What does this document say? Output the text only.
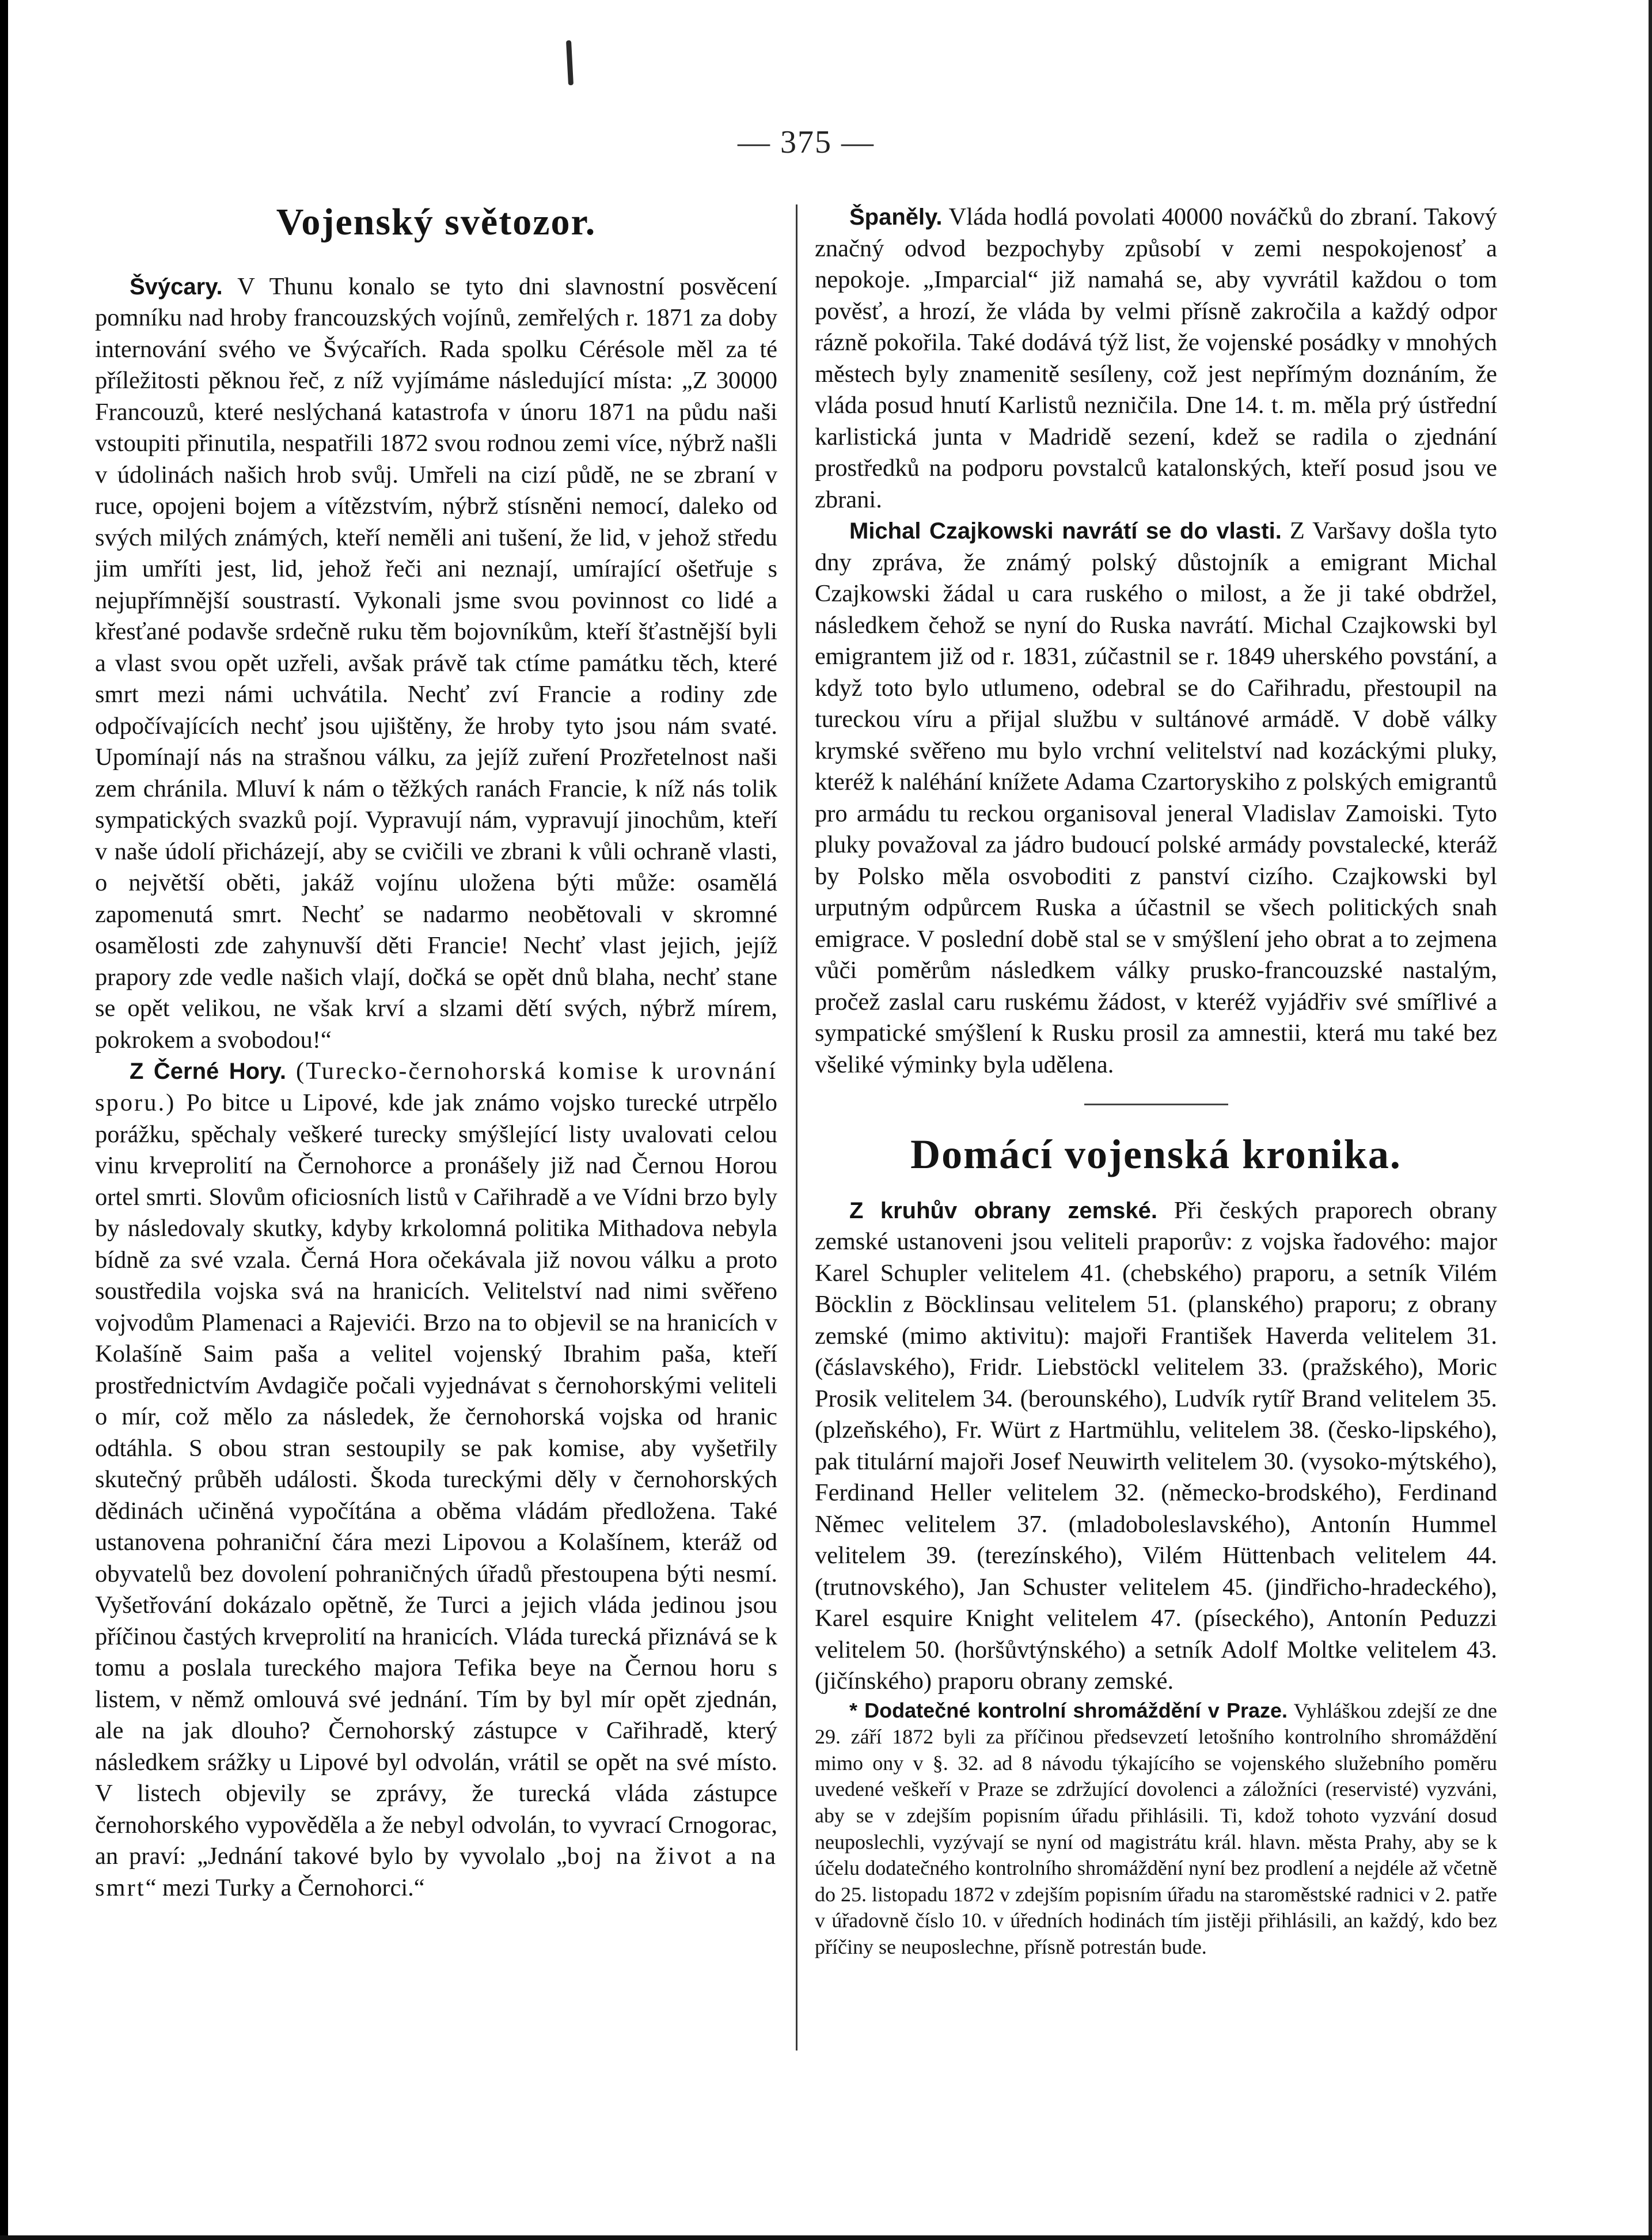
— 375 —
Vojenský světozor.

Švýcary. V Thunu konalo se tyto dni slavnostní posvěcení pomníku nad hroby francouzských vojínů, zemřelých r. 1871 za doby internování svého ve Švýcařích. Rada spolku Cérésole měl za té příležitosti pěknou řeč, z níž vyjímáme následující místa: „Z 30000 Francouzů, které neslýchaná katastrofa v únoru 1871 na půdu naši vstoupiti přinutila, nespatřili 1872 svou rodnou zemi více, nýbrž našli v údolinách našich hrob svůj. Umřeli na cizí půdě, ne se zbraní v ruce, opojeni bojem a vítězstvím, nýbrž stísněni nemocí, daleko od svých milých známých, kteří neměli ani tušení, že lid, v jehož středu jim umříti jest, lid, jehož řeči ani neznají, umírající ošetřuje s nejupřímnější soustrastí. Vykonali jsme svou povinnost co lidé a křesťané podavše srdečně ruku těm bojovníkům, kteří šťastnější byli a vlast svou opět uzřeli, avšak právě tak ctíme památku těch, které smrt mezi námi uchvátila. Nechť zví Francie a rodiny zde odpočívajících nechť jsou ujištěny, že hroby tyto jsou nám svaté. Upomínají nás na strašnou válku, za jejíž zuření Prozřetelnost naši zem chránila. Mluví k nám o těžkých ranách Francie, k níž nás tolik sympatických svazků pojí. Vypravují nám, vypravují jinochům, kteří v naše údolí přicházejí, aby se cvičili ve zbrani k vůli ochraně vlasti, o největší oběti, jakáž vojínu uložena býti může: osamělá zapomenutá smrt. Nechť se nadarmo neobětovali v skromné osamělosti zde zahynuvší děti Francie! Nechť vlast jejich, jejíž prapory zde vedle našich vlají, dočká se opět dnů blaha, nechť stane se opět velikou, ne však krví a slzami dětí svých, nýbrž mírem, pokrokem a svobodou!“

Z Černé Hory. (Turecko-černohorská komise k urovnání sporu.) Po bitce u Lipové, kde jak známo vojsko turecké utrpělo porážku, spěchaly veškeré turecky smýšlející listy uvalovati celou vinu krveprolití na Černohorce a pronášely již nad Černou Horou ortel smrti. Slovům oficiosních listů v Cařihradě a ve Vídni brzo byly by následovaly skutky, kdyby krkolomná politika Mithadova nebyla bídně za své vzala. Černá Hora očekávala již novou válku a proto soustředila vojska svá na hranicích. Velitelství nad nimi svěřeno vojvodům Plamenaci a Rajevići. Brzo na to objevil se na hranicích v Kolašíně Saim paša a velitel vojenský Ibrahim paša, kteří prostřednictvím Avdagiče počali vyjednávat s černohorskými veliteli o mír, což mělo za následek, že černohorská vojska od hranic odtáhla. S obou stran sestoupily se pak komise, aby vyšetřily skutečný průběh události. Škoda tureckými děly v černohorských dědinách učiněná vypočítána a oběma vládám předložena. Také ustanovena pohraniční čára mezi Lipovou a Kolašínem, kteráž od obyvatelů bez dovolení pohraničných úřadů přestoupena býti nesmí. Vyšetřování dokázalo opětně, že Turci a jejich vláda jedinou jsou příčinou častých krveprolití na hranicích. Vláda turecká přiznává se k tomu a poslala tureckého majora Tefika beye na Černou horu s listem, v němž omlouvá své jednání. Tím by byl mír opět zjednán, ale na jak dlouho? Černohorský zástupce v Cařihradě, který následkem srážky u Lipové byl odvolán, vrátil se opět na své místo. V listech objevily se zprávy, že turecká vláda zástupce černohorského vypověděla a že nebyl odvolán, to vyvrací Crnogorac, an praví: „Jednání takové bylo by vyvolalo „boj na život a na smrt“ mezi Turky a Černohorci.“

Španěly. Vláda hodlá povolati 40000 nováčků do zbraní. Takový značný odvod bezpochyby způsobí v zemi nespokojenosť a nepokoje. „Imparcial“ již namahá se, aby vyvrátil každou o tom pověsť, a hrozí, že vláda by velmi přísně zakročila a každý odpor rázně pokořila. Také dodává týž list, že vojenské posádky v mnohých městech byly znamenitě sesíleny, což jest nepřímým doznáním, že vláda posud hnutí Karlistů nezničila. Dne 14. t. m. měla prý ústřední karlistická junta v Madridě sezení, kdež se radila o zjednání prostředků na podporu povstalců katalonských, kteří posud jsou ve zbrani.

Michal Czajkowski navrátí se do vlasti. Z Varšavy došla tyto dny zpráva, že známý polský důstojník a emigrant Michal Czajkowski žádal u cara ruského o milost, a že ji také obdržel, následkem čehož se nyní do Ruska navrátí. Michal Czajkowski byl emigrantem již od r. 1831, zúčastnil se r. 1849 uherského povstání, a když toto bylo utlumeno, odebral se do Cařihradu, přestoupil na tureckou víru a přijal službu v sultánové armádě. V době války krymské svěřeno mu bylo vrchní velitelství nad kozáckými pluky, kteréž k naléhání knížete Adama Czartoryskiho z polských emigrantů pro armádu tu reckou organisoval jeneral Vladislav Zamoiski. Tyto pluky považoval za jádro budoucí polské armády povstalecké, kteráž by Polsko měla osvoboditi z panství cizího. Czajkowski byl urputným odpůrcem Ruska a účastnil se všech politických snah emigrace. V poslední době stal se v smýšlení jeho obrat a to zejmena vůči poměrům následkem války prusko-francouzské nastalým, pročež zaslal caru ruskému žádost, v kteréž vyjádřiv své smířlivé a sympatické smýšlení k Rusku prosil za amnestii, která mu také bez všeliké výminky byla udělena.

Domácí vojenská kronika.

Z kruhův obrany zemské. Při českých praporech obrany zemské ustanoveni jsou veliteli praporův: z vojska řadového: major Karel Schupler velitelem 41. (chebského) praporu, a setník Vilém Böcklin z Böcklinsau velitelem 51. (planského) praporu; z obrany zemské (mimo aktivitu): majoři František Haverda velitelem 31. (čáslavského), Fridr. Liebstöckl velitelem 33. (pražského), Moric Prosik velitelem 34. (berounského), Ludvík rytíř Brand velitelem 35. (plzeňského), Fr. Würt z Hartmühlu, velitelem 38. (česko-lipského), pak titulární majoři Josef Neuwirth velitelem 30. (vysoko-mýtského), Ferdinand Heller velitelem 32. (německo-brodského), Ferdinand Němec velitelem 37. (mladoboleslavského), Antonín Hummel velitelem 39. (terezínského), Vilém Hüttenbach velitelem 44. (trutnovského), Jan Schuster velitelem 45. (jindřicho-hradeckého), Karel esquire Knight velitelem 47. (píseckého), Antonín Peduzzi velitelem 50. (horšůvtýnského) a setník Adolf Moltke velitelem 43. (jičínského) praporu obrany zemské.

* Dodatečné kontrolní shromáždění v Praze. Vyhláškou zdejší ze dne 29. září 1872 byli za příčinou předsevzetí letošního kontrolního shromáždění mimo ony v §. 32. ad 8 návodu týkajícího se vojenského služebního poměru uvedené veškeří v Praze se zdržující dovolenci a záložníci (reservisté) vyzváni, aby se v zdejším popisním úřadu přihlásili. Ti, kdož tohoto vyzvání dosud neuposlechli, vyzývají se nyní od magistrátu král. hlavn. města Prahy, aby se k účelu dodatečného kontrolního shromáždění nyní bez prodlení a nejdéle až včetně do 25. listopadu 1872 v zdejším popisním úřadu na staroměstské radnici v 2. patře v úřadovně číslo 10. v úředních hodinách tím jistěji přihlásili, an každý, kdo bez příčiny se neuposlechne, přísně potrestán bude.
